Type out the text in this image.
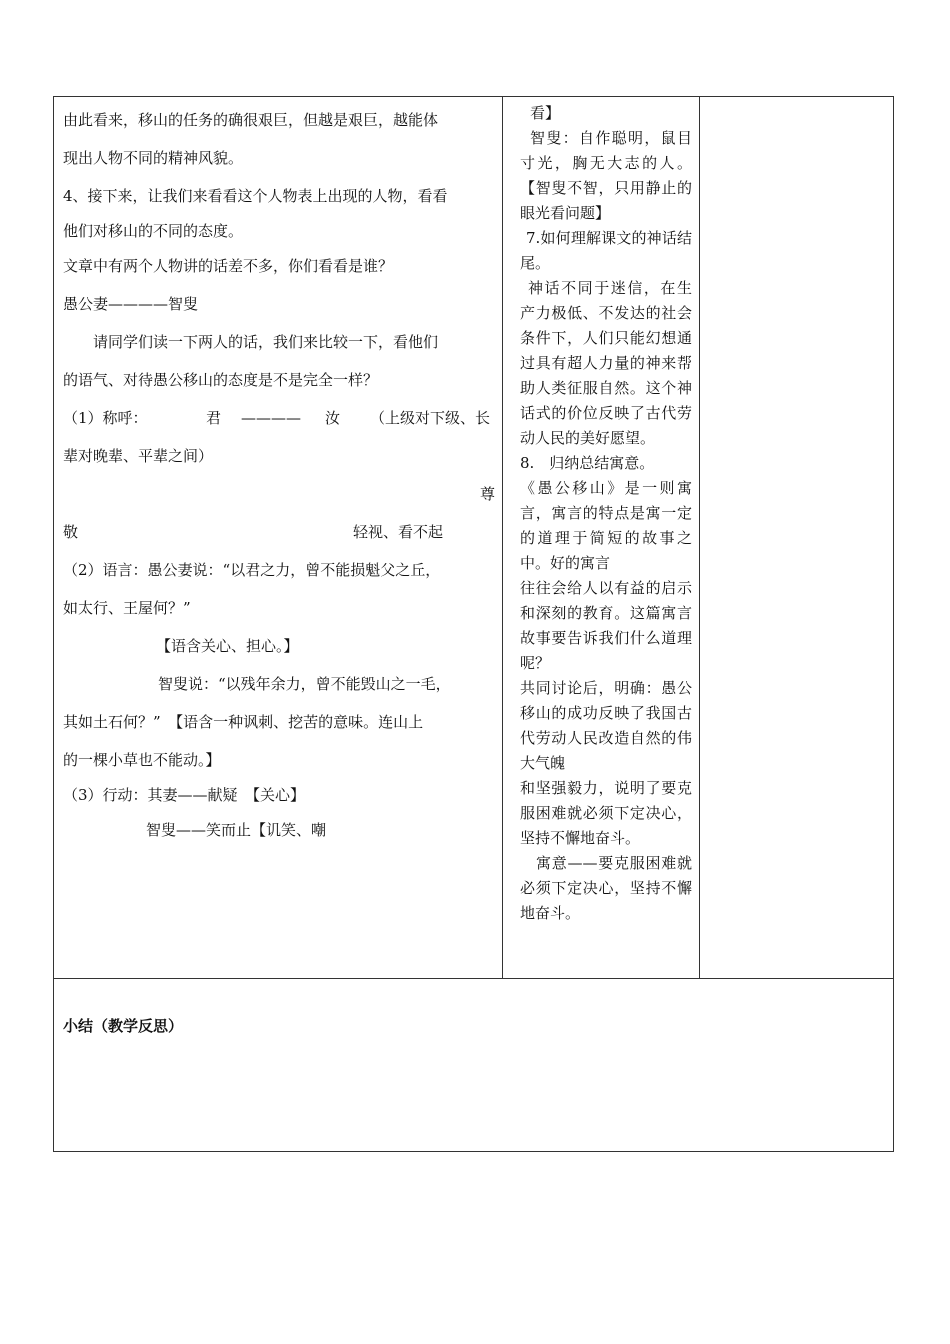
由此看来，移山的任务的确很艰巨，但越是艰巨，越能体

现出人物不同的精神风貌。

4、接下来，让我们来看看这个人物表上出现的人物，看看

他们对移山的不同的态度。

文章中有两个人物讲的话差不多，你们看看是谁？

愚公妻————智叟

请同学们读一下两人的话，我们来比较一下，看他们

的语气、对待愚公移山的态度是不是完全一样？

（1）称呼：	君	————	汝	（上级对下级、长

辈对晚辈、平辈之间）

尊

敬	轻视、看不起

（2）语言：愚公妻说：“以君之力，曾不能损魁父之丘，

如太行、王屋何？”

【语含关心、担心。】

智叟说：“以残年余力，曾不能毁山之一毛，

其如土石何？”　【语含一种讽刺、挖苦的意味。连山上

的一棵小草也不能动。】

（3）行动：其妻——献疑　【关心】

智叟——笑而止【讥笑、嘲

看】

智叟：自作聪明，鼠目寸光，胸无大志的人。【智叟不智，只用静止的眼光看问题】

7.如何理解课文的神话结尾。

神话不同于迷信，在生产力极低、不发达的社会条件下，人们只能幻想通过具有超人力量的神来帮助人类征服自然。这个神话式的价位反映了古代劳动人民的美好愿望。

8.　归纳总结寓意。

《愚公移山》是一则寓言，寓言的特点是寓一定的道理于简短的故事之中。好的寓言

往往会给人以有益的启示和深刻的教育。这篇寓言故事要告诉我们什么道理呢？

共同讨论后，明确：愚公移山的成功反映了我国古代劳动人民改造自然的伟大气魄

和坚强毅力，说明了要克服困难就必须下定决心，坚持不懈地奋斗。

寓意——要克服困难就必须下定决心，坚持不懈地奋斗。

小结（教学反思）
